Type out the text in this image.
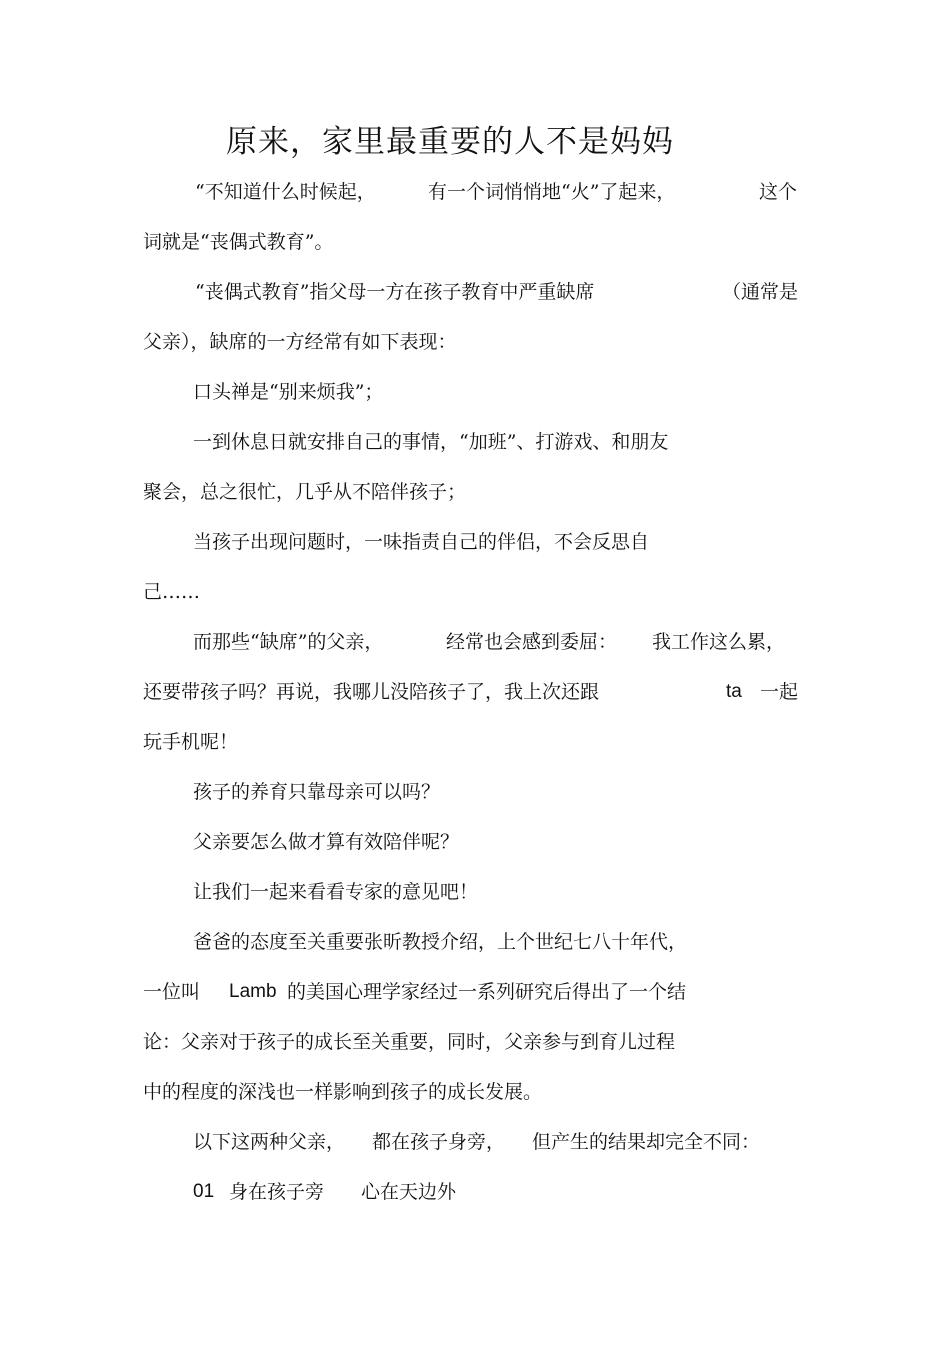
原来，家里最重要的人不是妈妈
“不知道什么时候起，	有一个词悄悄地“火”了起来，	这个
词就是“丧偶式教育”。
“丧偶式教育”指父母一方在孩子教育中严重缺席	（通常是
父亲），缺席的一方经常有如下表现：
口头禅是“别来烦我”；
一到休息日就安排自己的事情，“加班”、打游戏、和朋友
聚会，总之很忙，几乎从不陪伴孩子；
当孩子出现问题时，一味指责自己的伴侣，不会反思自
己……
而那些“缺席”的父亲，	经常也会感到委屈： 我工作这么累，
还要带孩子吗？再说，我哪儿没陪孩子了，我上次还跟	ta 一起
玩手机呢！
孩子的养育只靠母亲可以吗？
父亲要怎么做才算有效陪伴呢？
让我们一起来看看专家的意见吧！
爸爸的态度至关重要张昕教授介绍，上个世纪七八十年代，
一位叫 Lamb 的美国心理学家经过一系列研究后得出了一个结
论：父亲对于孩子的成长至关重要，同时，父亲参与到育儿过程
中的程度的深浅也一样影响到孩子的成长发展。
以下这两种父亲， 都在孩子身旁， 但产生的结果却完全不同：
01 身在孩子旁 心在天边外
